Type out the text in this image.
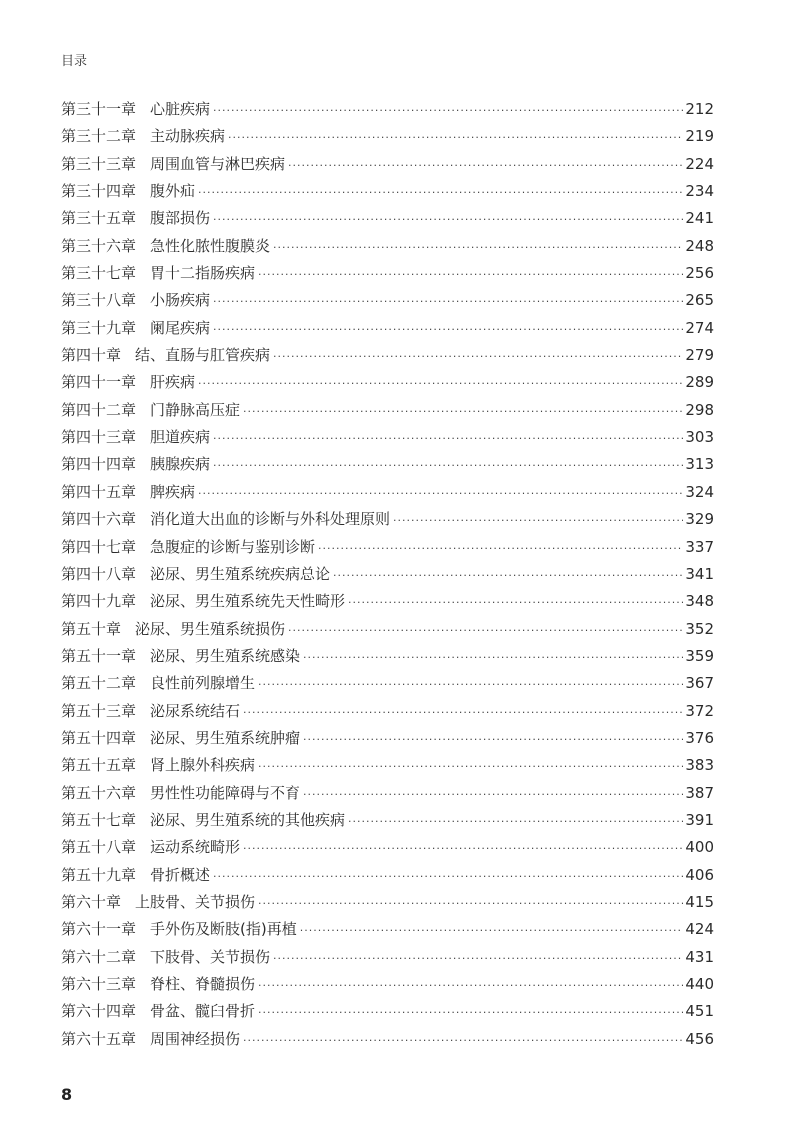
目录
第三十一章 心脏疾病 ·····	212
第三十二章 主动脉疾病 ·····	219
第三十三章 周围血管与淋巴疾病 ·····	224
第三十四章 腹外疝 ·····	234
第三十五章 腹部损伤 ·····	241
第三十六章 急性化脓性腹膜炎 ·····	248
第三十七章 胃十二指肠疾病 ·····	256
第三十八章 小肠疾病 ·····	265
第三十九章 阑尾疾病 ·····	274
第四十章 结、直肠与肛管疾病 ·····	279
第四十一章 肝疾病 ·····	289
第四十二章 门静脉高压症 ·····	298
第四十三章 胆道疾病 ·····	303
第四十四章 胰腺疾病 ·····	313
第四十五章 脾疾病 ·····	324
第四十六章 消化道大出血的诊断与外科处理原则 ·····	329
第四十七章 急腹症的诊断与鉴别诊断 ·····	337
第四十八章 泌尿、男生殖系统疾病总论 ·····	341
第四十九章 泌尿、男生殖系统先天性畸形 ·····	348
第五十章 泌尿、男生殖系统损伤 ·····	352
第五十一章 泌尿、男生殖系统感染 ·····	359
第五十二章 良性前列腺增生 ·····	367
第五十三章 泌尿系统结石 ·····	372
第五十四章 泌尿、男生殖系统肿瘤 ·····	376
第五十五章 肾上腺外科疾病 ·····	383
第五十六章 男性性功能障碍与不育 ·····	387
第五十七章 泌尿、男生殖系统的其他疾病 ·····	391
第五十八章 运动系统畸形 ·····	400
第五十九章 骨折概述 ·····	406
第六十章 上肢骨、关节损伤 ·····	415
第六十一章 手外伤及断肢(指)再植 ·····	424
第六十二章 下肢骨、关节损伤 ·····	431
第六十三章 脊柱、脊髓损伤 ·····	440
第六十四章 骨盆、髋臼骨折 ·····	451
第六十五章 周围神经损伤 ·····	456
8
